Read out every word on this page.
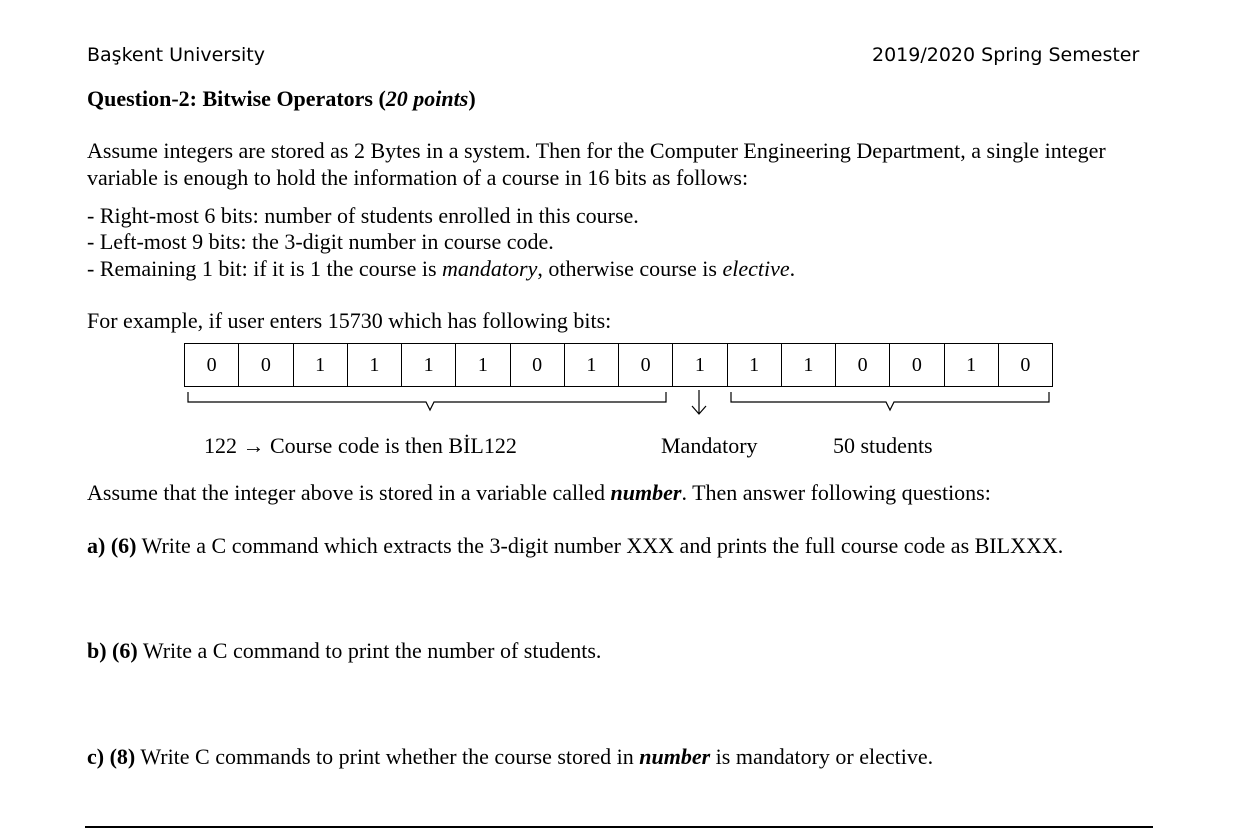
Başkent University	2019/2020 Spring Semester
Question-2: Bitwise Operators (20 points)
Assume integers are stored as 2 Bytes in a system. Then for the Computer Engineering Department, a single integer
variable is enough to hold the information of a course in 16 bits as follows:
- Right-most 6 bits: number of students enrolled in this course.
- Left-most 9 bits: the 3-digit number in course code.
- Remaining 1 bit: if it is 1 the course is mandatory, otherwise course is elective.
For example, if user enters 15730 which has following bits:
0	0	1	1	1	1	0	1	0	1	1	1	0	0	1	0
122 → Course code is then BİL122	Mandatory	50 students
Assume that the integer above is stored in a variable called number. Then answer following questions:
a) (6) Write a C command which extracts the 3-digit number XXX and prints the full course code as BILXXX.
b) (6) Write a C command to print the number of students.
c) (8) Write C commands to print whether the course stored in number is mandatory or elective.
